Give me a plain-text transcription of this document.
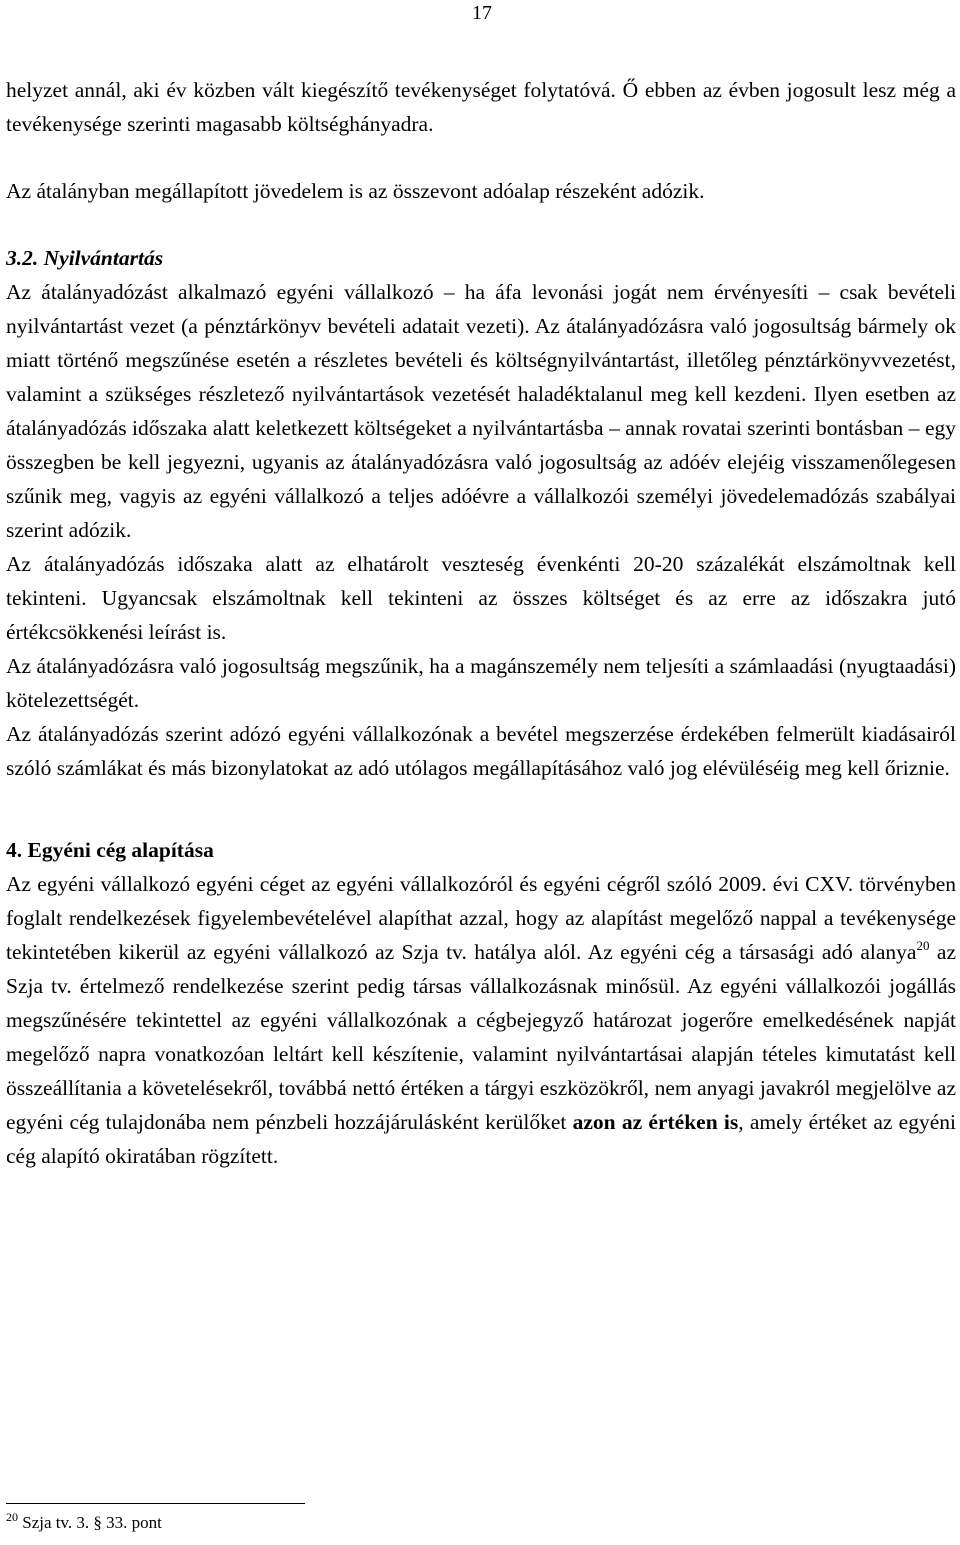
17

helyzet annál, aki év közben vált kiegészítő tevékenységet folytatóvá. Ő ebben az évben jogosult lesz még a tevékenysége szerinti magasabb költséghányadra.

Az átalányban megállapított jövedelem is az összevont adóalap részeként adózik.

3.2. Nyilvántartás

Az átalányadózást alkalmazó egyéni vállalkozó – ha áfa levonási jogát nem érvényesíti – csak bevételi nyilvántartást vezet (a pénztárkönyv bevételi adatait vezeti). Az átalányadózásra való jogosultság bármely ok miatt történő megszűnése esetén a részletes bevételi és költségnyilvántartást, illetőleg pénztárkönyvvezetést, valamint a szükséges részletező nyilvántartások vezetését haladéktalanul meg kell kezdeni. Ilyen esetben az átalányadózás időszaka alatt keletkezett költségeket a nyilvántartásba – annak rovatai szerinti bontásban – egy összegben be kell jegyezni, ugyanis az átalányadózásra való jogosultság az adóév elejéig visszamenőlegesen szűnik meg, vagyis az egyéni vállalkozó a teljes adóévre a vállalkozói személyi jövedelemadózás szabályai szerint adózik.

Az átalányadózás időszaka alatt az elhatárolt veszteség évenkénti 20-20 százalékát elszámoltnak kell tekinteni. Ugyancsak elszámoltnak kell tekinteni az összes költséget és az erre az időszakra jutó értékcsökkenési leírást is.

Az átalányadózásra való jogosultság megszűnik, ha a magánszemély nem teljesíti a számlaadási (nyugtaadási) kötelezettségét.

Az átalányadózás szerint adózó egyéni vállalkozónak a bevétel megszerzése érdekében felmerült kiadásairól szóló számlákat és más bizonylatokat az adó utólagos megállapításához való jog elévüléséig meg kell őriznie.

4. Egyéni cég alapítása

Az egyéni vállalkozó egyéni céget az egyéni vállalkozóról és egyéni cégről szóló 2009. évi CXV. törvényben foglalt rendelkezések figyelembevételével alapíthat azzal, hogy az alapítást megelőző nappal a tevékenysége tekintetében kikerül az egyéni vállalkozó az Szja tv. hatálya alól. Az egyéni cég a társasági adó alanya$^{20}$ az Szja tv. értelmező rendelkezése szerint pedig társas vállalkozásnak minősül. Az egyéni vállalkozói jogállás megszűnésére tekintettel az egyéni vállalkozónak a cégbejegyző határozat jogerőre emelkedésének napját megelőző napra vonatkozóan leltárt kell készítenie, valamint nyilvántartásai alapján tételes kimutatást kell összeállítania a követelésekről, továbbá nettó értéken a tárgyi eszközökről, nem anyagi javakról megjelölve az egyéni cég tulajdonába nem pénzbeli hozzájárulásként kerülőket azon az értéken is, amely értéket az egyéni cég alapító okiratában rögzített.

$^{20}$ Szja tv. 3. § 33. pont
